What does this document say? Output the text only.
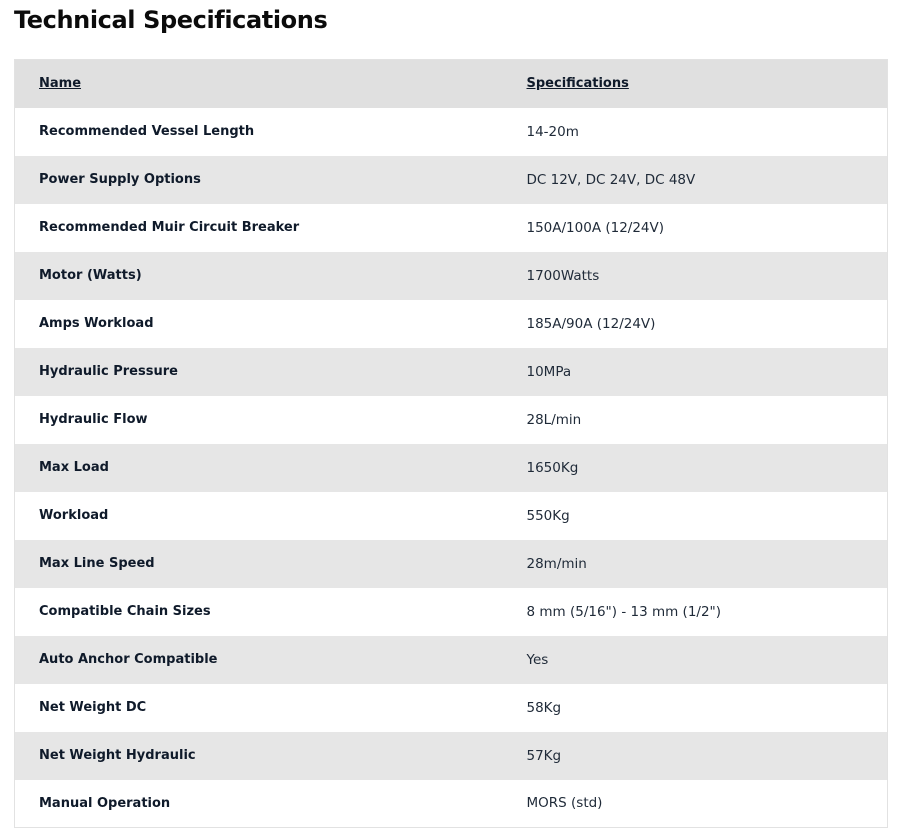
Technical Specifications
Name	Specifications
Recommended Vessel Length	14-20m
Power Supply Options	DC 12V, DC 24V, DC 48V
Recommended Muir Circuit Breaker	150A/100A (12/24V)
Motor (Watts)	1700Watts
Amps Workload	185A/90A (12/24V)
Hydraulic Pressure	10MPa
Hydraulic Flow	28L/min
Max Load	1650Kg
Workload	550Kg
Max Line Speed	28m/min
Compatible Chain Sizes	8 mm (5/16") - 13 mm (1/2")
Auto Anchor Compatible	Yes
Net Weight DC	58Kg
Net Weight Hydraulic	57Kg
Manual Operation	MORS (std)
